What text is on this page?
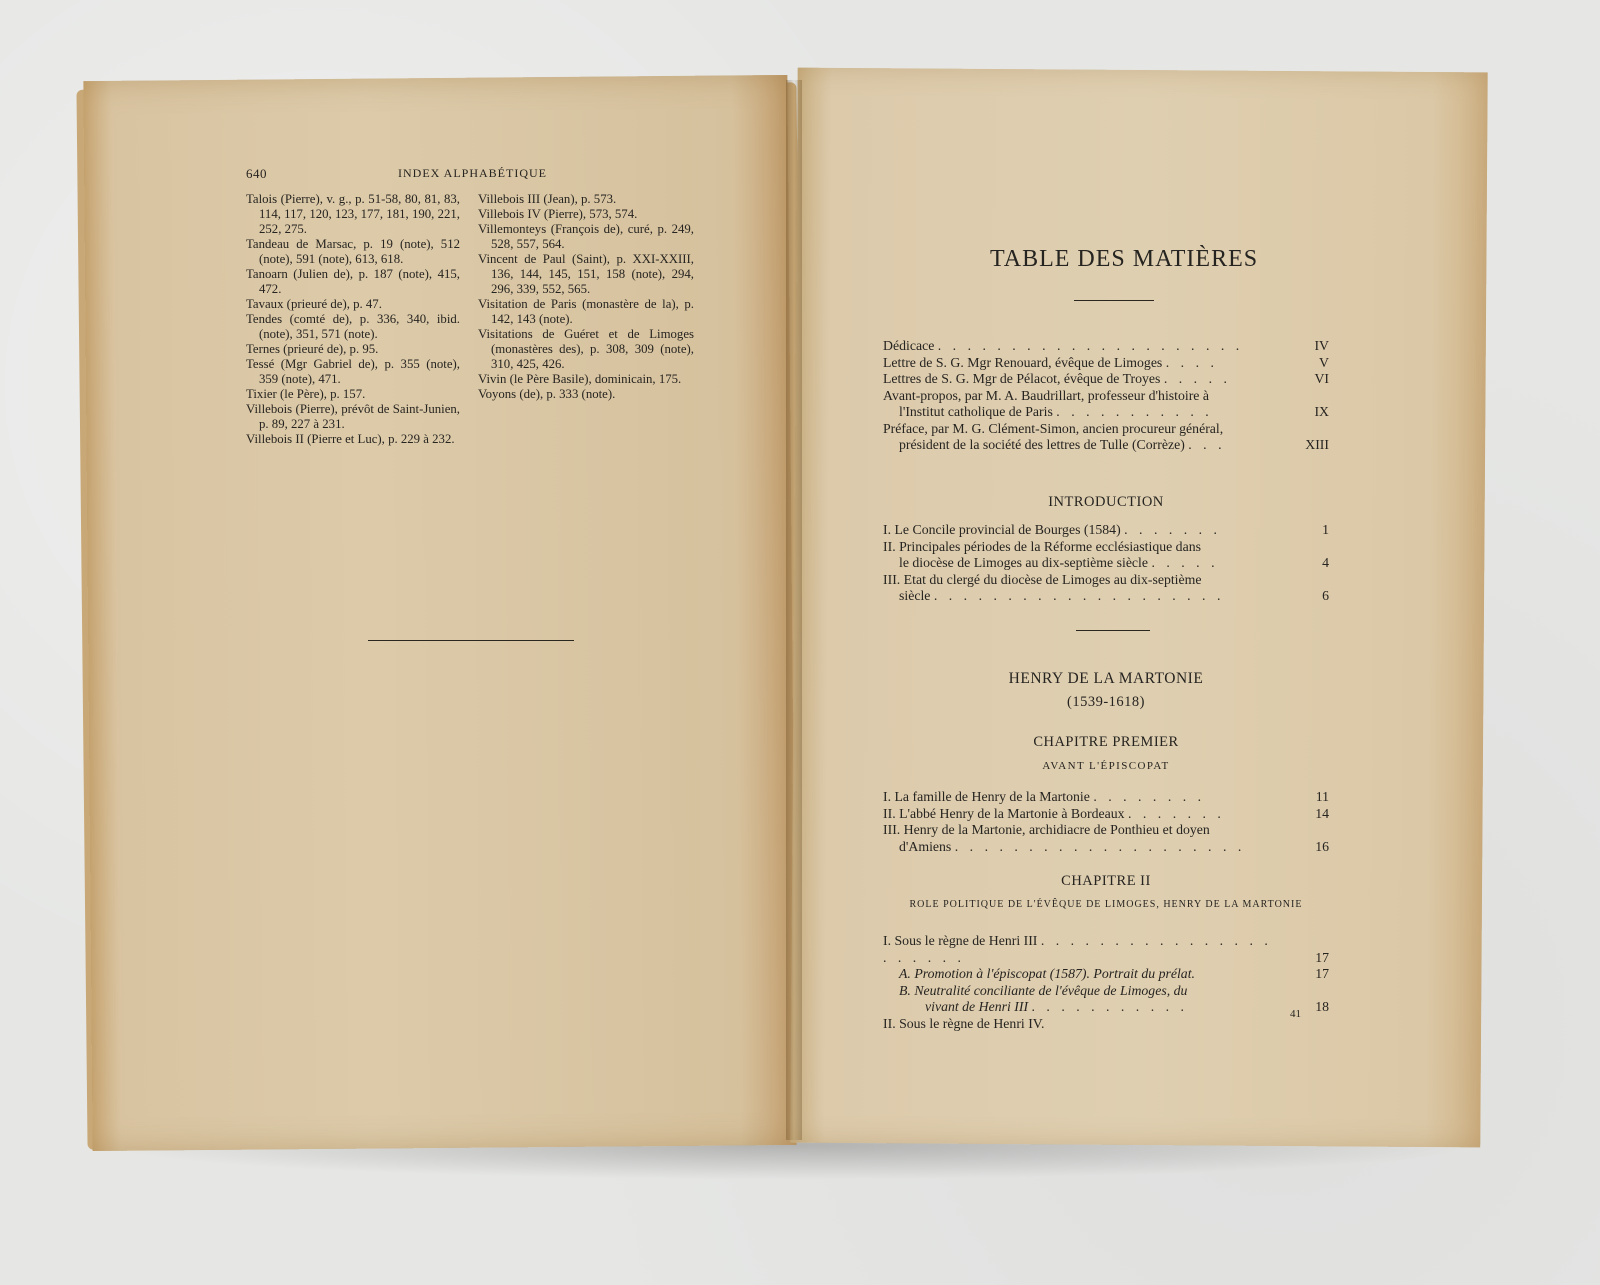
640	INDEX ALPHABÉTIQUE
Talois (Pierre), v. g., p. 51-58, 80, 81, 83, 114, 117, 120, 123, 177, 181, 190, 221, 252, 275.
Tandeau de Marsac, p. 19 (note), 512 (note), 591 (note), 613, 618.
Tanoarn (Julien de), p. 187 (note), 415, 472.
Tavaux (prieuré de), p. 47.
Tendes (comté de), p. 336, 340, ibid. (note), 351, 571 (note).
Ternes (prieuré de), p. 95.
Tessé (Mgr Gabriel de), p. 355 (note), 359 (note), 471.
Tixier (le Père), p. 157.
Villebois (Pierre), prévôt de Saint-Junien, p. 89, 227 à 231.
Villebois II (Pierre et Luc), p. 229 à 232.
Villebois III (Jean), p. 573.
Villebois IV (Pierre), 573, 574.
Villemonteys (François de), curé, p. 249, 528, 557, 564.
Vincent de Paul (Saint), p. XXI-XXIII, 136, 144, 145, 151, 158 (note), 294, 296, 339, 552, 565.
Visitation de Paris (monastère de la), p. 142, 143 (note).
Visitations de Guéret et de Limoges (monastères des), p. 308, 309 (note), 310, 425, 426.
Vivin (le Père Basile), dominicain, 175.
Voyons (de), p. 333 (note).
TABLE DES MATIÈRES
Dédicace . . . . . . . . . . . . . . . . . . . . .	IV
Lettre de S. G. Mgr Renouard, évêque de Limoges . . . .	V
Lettres de S. G. Mgr de Pélacot, évêque de Troyes . . . . .	VI
Avant-propos, par M. A. Baudrillart, professeur d'histoire à
l'Institut catholique de Paris . . . . . . . . . . .	IX
Préface, par M. G. Clément-Simon, ancien procureur général,
président de la société des lettres de Tulle (Corrèze) . . .	XIII
INTRODUCTION
I. Le Concile provincial de Bourges (1584) . . . . . . .	1
II. Principales périodes de la Réforme ecclésiastique dans
le diocèse de Limoges au dix-septième siècle . . . . .	4
III. Etat du clergé du diocèse de Limoges au dix-septième
siècle . . . . . . . . . . . . . . . . . . . .	6
HENRY DE LA MARTONIE
(1539-1618)
CHAPITRE PREMIER
AVANT L'ÉPISCOPAT
I. La famille de Henry de la Martonie . . . . . . . .	11
II. L'abbé Henry de la Martonie à Bordeaux . . . . . . .	14
III. Henry de la Martonie, archidiacre de Ponthieu et doyen
d'Amiens . . . . . . . . . . . . . . . . . . . .	16
CHAPITRE II
ROLE POLITIQUE DE L'ÉVÊQUE DE LIMOGES, HENRY DE LA MARTONIE
I. Sous le règne de Henri III . . . . . . . . . . . . . . . . . . . . . .	17
A. Promotion à l'épiscopat (1587). Portrait du prélat.	17
B. Neutralité conciliante de l'évêque de Limoges, du
vivant de Henri III . . . . . . . . . . .	18
II. Sous le règne de Henri IV.
41
